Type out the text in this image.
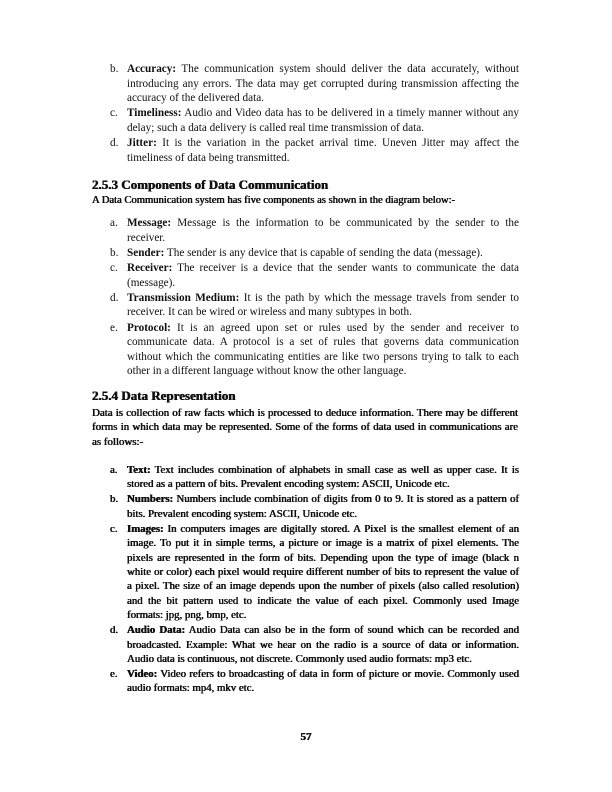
b. Accuracy: The communication system should deliver the data accurately, without introducing any errors. The data may get corrupted during transmission affecting the accuracy of the delivered data.
c. Timeliness: Audio and Video data has to be delivered in a timely manner without any delay; such a data delivery is called real time transmission of data.
d. Jitter: It is the variation in the packet arrival time. Uneven Jitter may affect the timeliness of data being transmitted.
2.5.3 Components of Data Communication

A Data Communication system has five components as shown in the diagram below:-

a. Message: Message is the information to be communicated by the sender to the receiver.
b. Sender: The sender is any device that is capable of sending the data (message).
c. Receiver: The receiver is a device that the sender wants to communicate the data (message).
d. Transmission Medium: It is the path by which the message travels from sender to receiver. It can be wired or wireless and many subtypes in both.
e. Protocol: It is an agreed upon set or rules used by the sender and receiver to communicate data. A protocol is a set of rules that governs data communication without which the communicating entities are like two persons trying to talk to each other in a different language without know the other language.
2.5.4 Data Representation

Data is collection of raw facts which is processed to deduce information. There may be different forms in which data may be represented. Some of the forms of data used in communications are as follows:-

a. Text: Text includes combination of alphabets in small case as well as upper case. It is stored as a pattern of bits. Prevalent encoding system: ASCII, Unicode etc.
b. Numbers: Numbers include combination of digits from 0 to 9. It is stored as a pattern of bits. Prevalent encoding system: ASCII, Unicode etc.
c. Images: In computers images are digitally stored. A Pixel is the smallest element of an image. To put it in simple terms, a picture or image is a matrix of pixel elements. The pixels are represented in the form of bits. Depending upon the type of image (black n white or color) each pixel would require different number of bits to represent the value of a pixel. The size of an image depends upon the number of pixels (also called resolution) and the bit pattern used to indicate the value of each pixel. Commonly used Image formats: jpg, png, bmp, etc.
d. Audio Data: Audio Data can also be in the form of sound which can be recorded and broadcasted. Example: What we hear on the radio is a source of data or information. Audio data is continuous, not discrete. Commonly used audio formats: mp3 etc.
e. Video: Video refers to broadcasting of data in form of picture or movie. Commonly used audio formats: mp4, mkv etc.
57
